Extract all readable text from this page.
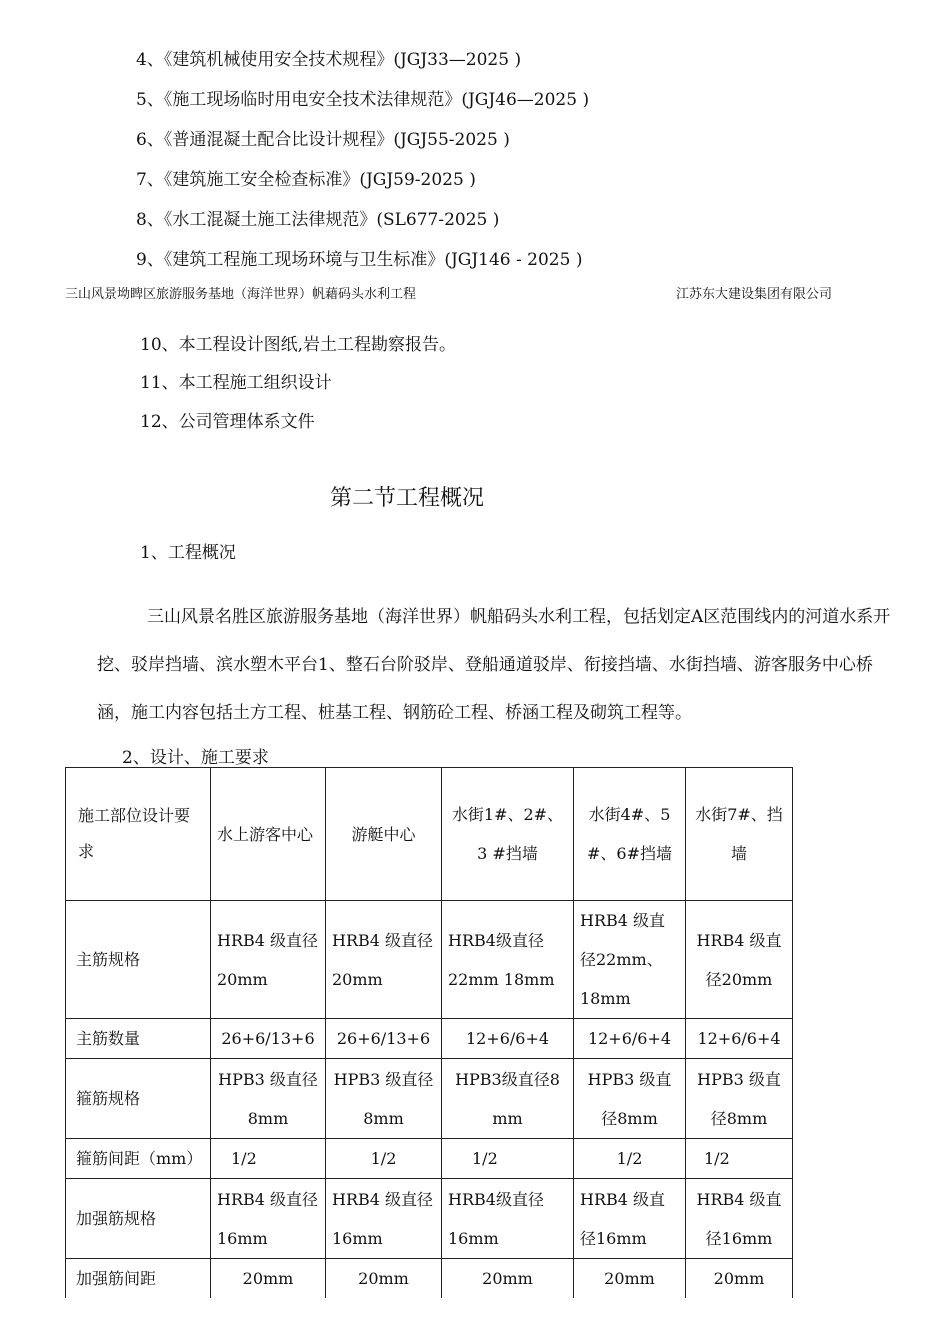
4、《建筑机械使用安全技术规程》(JGJ33—2025 )
5、《施工现场临时用电安全技术法律规范》(JGJ46—2025 )
6、《普通混凝土配合比设计规程》(JGJ55-2025 )
7、《建筑施工安全检查标准》(JGJ59-2025 )
8、《水工混凝土施工法律规范》(SL677-2025 )
9、《建筑工程施工现场环境与卫生标准》(JGJ146 - 2025 )
三山风景坳睥区旅游服务基地（海洋世界）帆藉码头水利工程	江苏东大建设集团有限公司
10、本工程设计图纸,岩土工程勘察报告。
11、本工程施工组织设计
12、公司管理体系文件
第二节工程概况
1、工程概况
三山风景名胜区旅游服务基地（海洋世界）帆船码头水利工程，包括划定A区范围线内的河道水系开挖、驳岸挡墙、滨水塑木平台1、整石台阶驳岸、登船通道驳岸、衔接挡墙、水街挡墙、游客服务中心桥涵，施工内容包括土方工程、桩基工程、钢筋砼工程、桥涵工程及砌筑工程等。
2、设计、施工要求
施工部位设计要求	水上游客中心	游艇中心	水街1#、2#、3 #挡墙	水街4#、5 #、6#挡墙	水街7#、挡墙
主筋规格	HRB4 级直径20mm	HRB4 级直径20mm	HRB4级直径 22mm 18mm	HRB4 级直径22mm、18mm	HRB4 级直径20mm
主筋数量	26+6/13+6	26+6/13+6	12+6/6+4	12+6/6+4	12+6/6+4
箍筋规格	HPB3 级直径8mm	HPB3 级直径8mm	HPB3级直径8 mm	HPB3 级直径8mm	HPB3 级直径8mm
箍筋间距（mm）	1/2	1/2	1/2	1/2	1/2
加强筋规格	HRB4 级直径16mm	HRB4 级直径16mm	HRB4级直径 16mm	HRB4 级直径16mm	HRB4 级直径16mm
加强筋间距	20mm	20mm	20mm	20mm	20mm
